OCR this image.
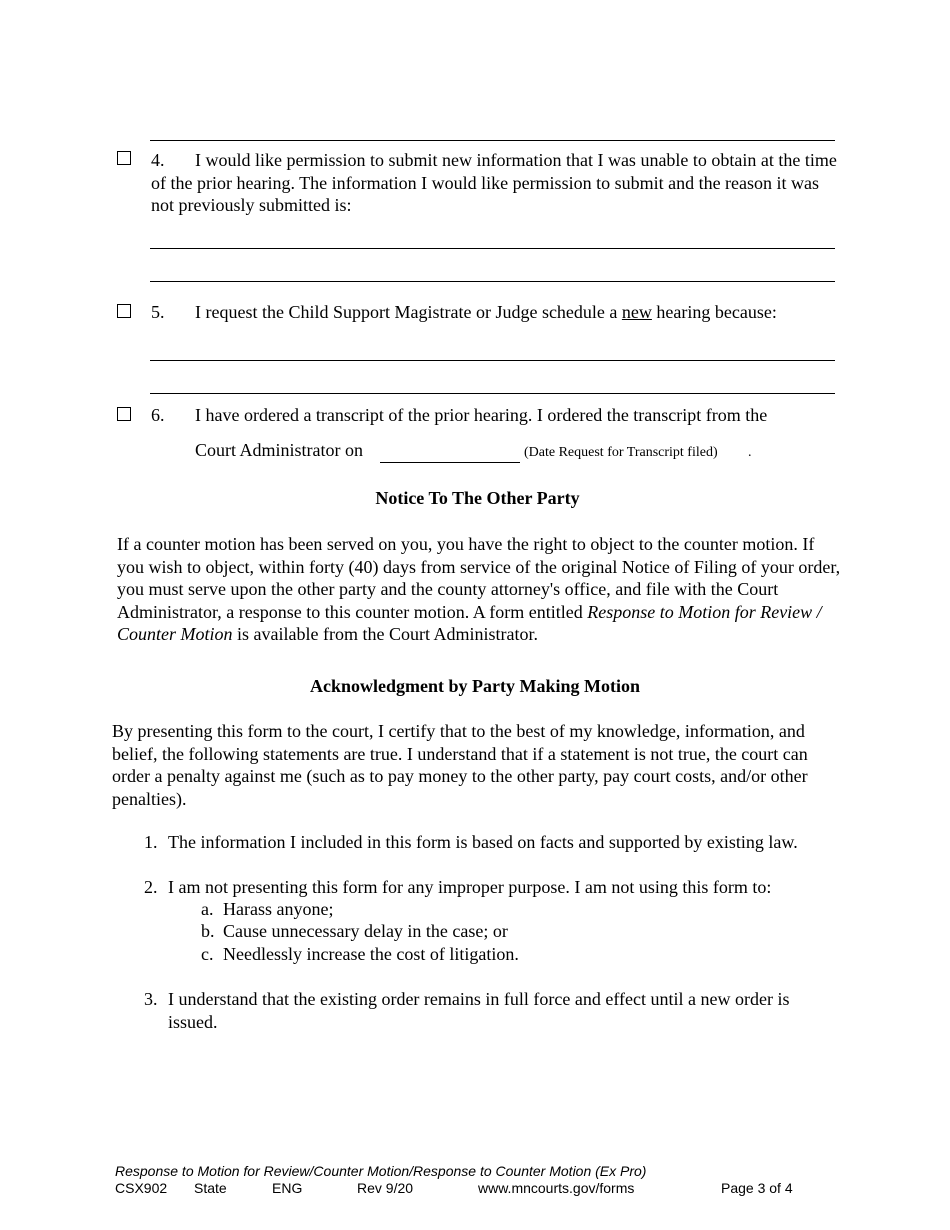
4.	I would like permission to submit new information that I was unable to obtain at the time of the prior hearing. The information I would like permission to submit and the reason it was not previously submitted is:
5. I request the Child Support Magistrate or Judge schedule a new hearing because:
6. I have ordered a transcript of the prior hearing. I ordered the transcript from the
Court Administrator on	(Date Request for Transcript filed) .
Notice To The Other Party
If a counter motion has been served on you, you have the right to object to the counter motion. If you wish to object, within forty (40) days from service of the original Notice of Filing of your order, you must serve upon the other party and the county attorney's office, and file with the Court Administrator, a response to this counter motion. A form entitled Response to Motion for Review / Counter Motion is available from the Court Administrator.
Acknowledgment by Party Making Motion
By presenting this form to the court, I certify that to the best of my knowledge, information, and belief, the following statements are true. I understand that if a statement is not true, the court can order a penalty against me (such as to pay money to the other party, pay court costs, and/or other penalties).
1. The information I included in this form is based on facts and supported by existing law.
2. I am not presenting this form for any improper purpose. I am not using this form to:
a. Harass anyone;
b. Cause unnecessary delay in the case; or
c. Needlessly increase the cost of litigation.
3. I understand that the existing order remains in full force and effect until a new order is issued.
Response to Motion for Review/Counter Motion/Response to Counter Motion (Ex Pro)
CSX902 State	ENG	Rev 9/20	www.mncourts.gov/forms	Page 3 of 4
